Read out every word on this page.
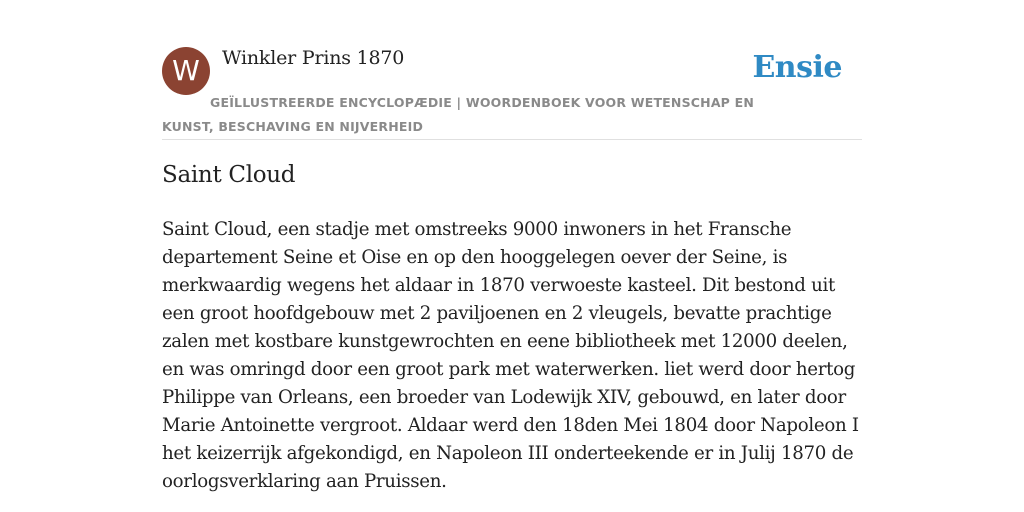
W	Winkler Prins 1870	Ensie
GEÏLLUSTREERDE ENCYCLOPÆDIE | WOORDENBOEK VOOR WETENSCHAP EN KUNST, BESCHAVING EN NIJVERHEID
Saint Cloud

Saint Cloud, een stadje met omstreeks 9000 inwoners in het Fransche departement Seine et Oise en op den hooggelegen oever der Seine, is merkwaardig wegens het aldaar in 1870 verwoeste kasteel. Dit bestond uit een groot hoofdgebouw met 2 paviljoenen en 2 vleugels, bevatte prachtige zalen met kostbare kunstgewrochten en eene bibliotheek met 12000 deelen, en was omringd door een groot park met waterwerken. liet werd door hertog Philippe van Orleans, een broeder van Lodewijk XIV, gebouwd, en later door Marie Antoinette vergroot. Aldaar werd den 18den Mei 1804 door Napoleon I het keizerrijk afgekondigd, en Napoleon III onderteekende er in Julij 1870 de oorlogsverklaring aan Pruissen.
